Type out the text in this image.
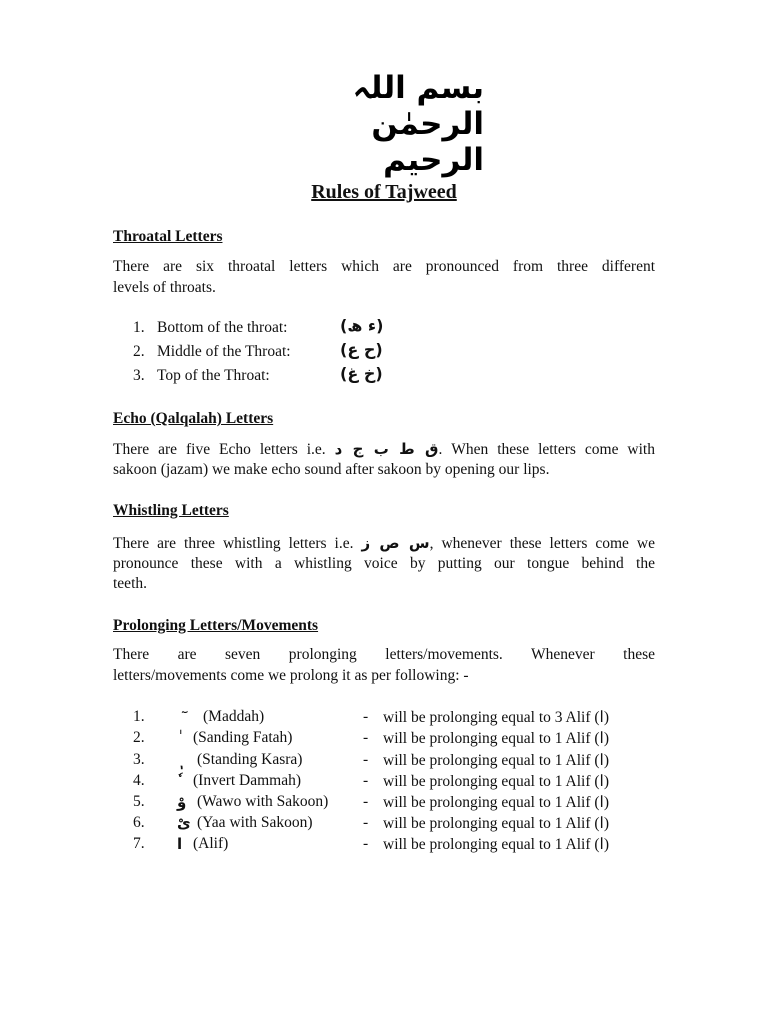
بسم اللہ الرحمٰن الرحیم
Rules of Tajweed
Throatal Letters
There are six throatal letters which are pronounced from three different
levels of throats.
1. Bottom of the throat:	(ء ھ)
2. Middle of the Throat:	(ح ع)
3. Top of the Throat:	(خ غ)
Echo (Qalqalah) Letters
There are five Echo letters i.e. ق ط ب ج د. When these letters come with
sakoon (jazam) we make echo sound after sakoon by opening our lips.
Whistling Letters
There are three whistling letters i.e. س ص ز, whenever these letters come we
pronounce these with a whistling voice by putting our tongue behind the
teeth.
Prolonging Letters/Movements
There are seven prolonging letters/movements. Whenever these
letters/movements come we prolong it as per following: -
1.	(Maddah)	- will be prolonging equal to 3 Alif (ا)
2.	(Sanding Fatah)	- will be prolonging equal to 1 Alif (ا)
3.	(Standing Kasra)	- will be prolonging equal to 1 Alif (ا)
4.	(Invert Dammah)	- will be prolonging equal to 1 Alif (ا)
5. وْ (Wawo with Sakoon) - will be prolonging equal to 1 Alif (ا)
6. یْ (Yaa with Sakoon)	- will be prolonging equal to 1 Alif (ا)
7. ا (Alif)	- will be prolonging equal to 1 Alif (ا)
